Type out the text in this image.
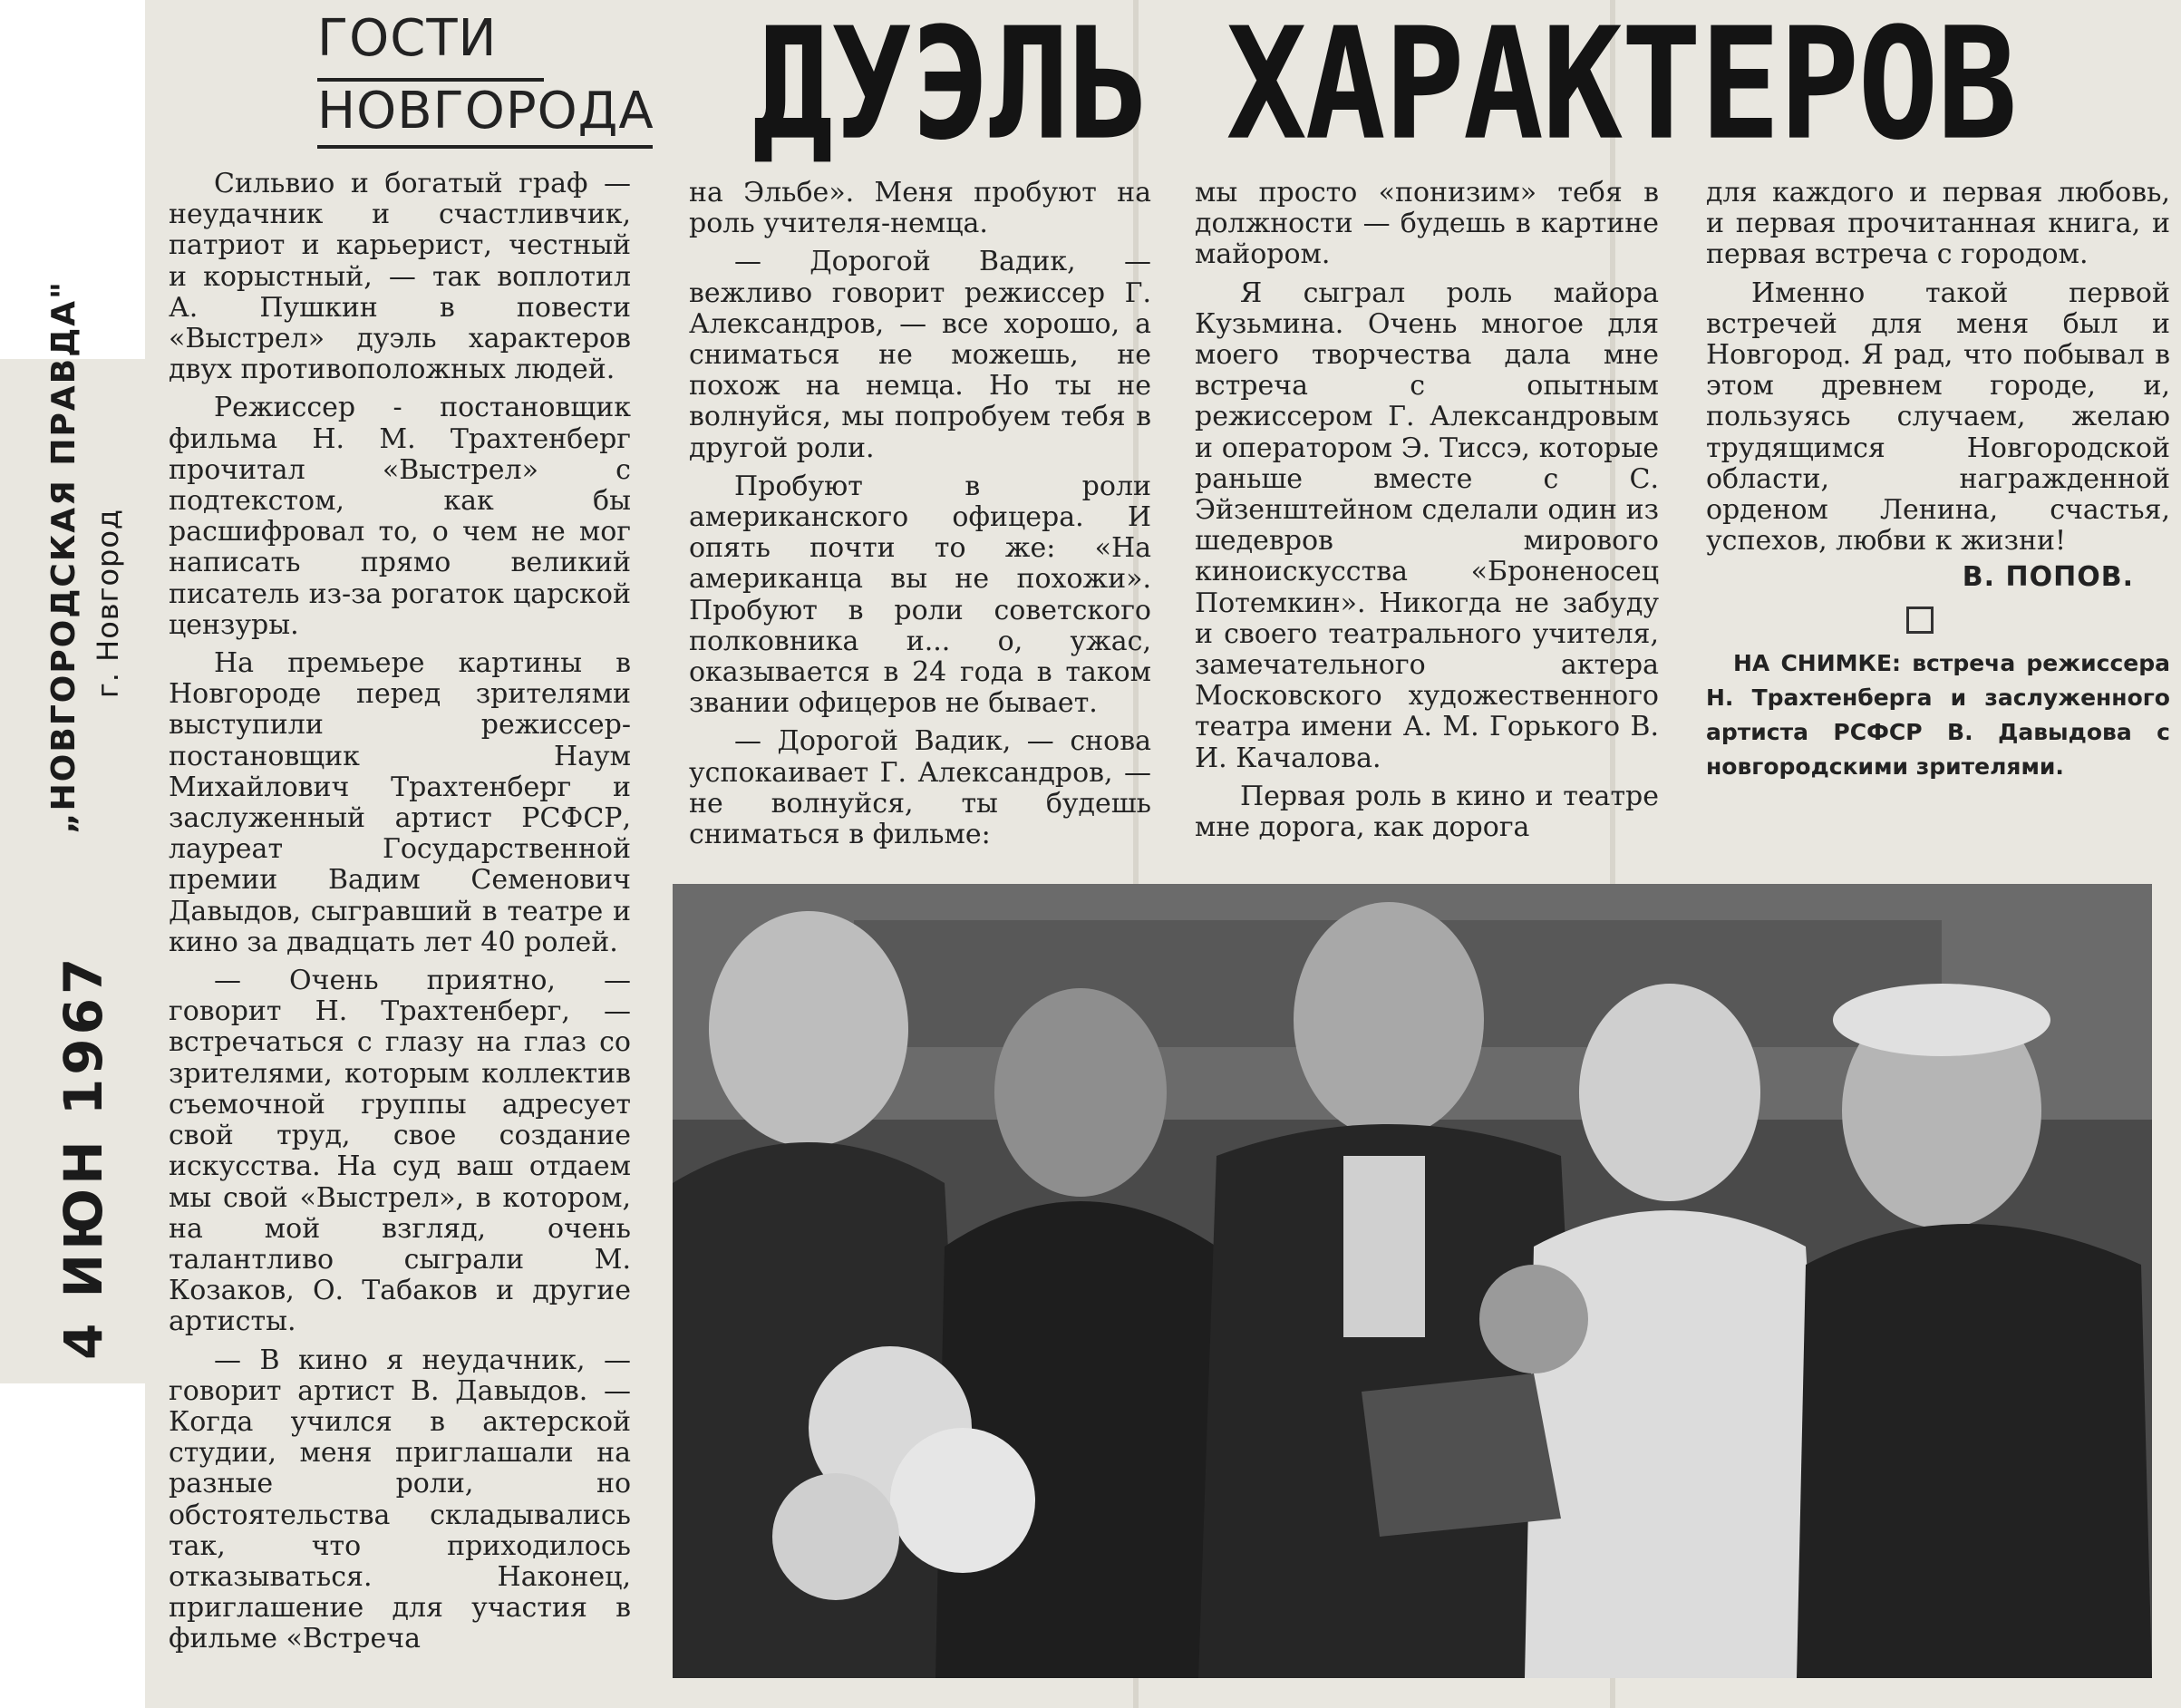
ГОСТИ
НОВГОРОДА ДУЭЛЬ ХАРАКТЕРОВ

Сильвио и богатый граф — неудачник и счастливчик, патриот и карьерист, честный и корыстный, — так воплотил А. Пушкин в повести «Выстрел» дуэль характеров двух противоположных людей.

Режиссер - постановщик фильма Н. М. Трахтенберг прочитал «Выстрел» с подтекстом, как бы расшифровал то, о чем не мог написать прямо великий писатель из-за рогаток царской цензуры.

На премьере картины в Новгороде перед зрителями выступили режиссер-постановщик Наум Михайлович Трахтенберг и заслуженный артист РСФСР, лауреат Государственной премии Вадим Семенович Давыдов, сыгравший в театре и кино за двадцать лет 40 ролей.

— Очень приятно, — говорит Н. Трахтенберг, — встречаться с глазу на глаз со зрителями, которым коллектив съемочной группы адресует свой труд, свое создание искусства. На суд ваш отдаем мы свой «Выстрел», в котором, на мой взгляд, очень талантливо сыграли М. Козаков, О. Табаков и другие артисты.

— В кино я неудачник, — говорит артист В. Давыдов. — Когда учился в актерской студии, меня приглашали на разные роли, но обстоятельства складывались так, что приходилось отказываться. Наконец, приглашение для участия в фильме «Встреча

на Эльбе». Меня пробуют на роль учителя-немца.

— Дорогой Вадик, — вежливо говорит режиссер Г. Александров, — все хорошо, а сниматься не можешь, не похож на немца. Но ты не волнуйся, мы попробуем тебя в другой роли.

Пробуют в роли американского офицера. И опять почти то же: «На американца вы не похожи». Пробуют в роли советского полковника и... о, ужас, оказывается в 24 года в таком звании офицеров не бывает.

— Дорогой Вадик, — снова успокаивает Г. Александров, — не волнуйся, ты будешь сниматься в фильме:

мы просто «понизим» тебя в должности — будешь в картине майором.

Я сыграл роль майора Кузьмина. Очень многое для моего творчества дала мне встреча с опытным режиссером Г. Александровым и оператором Э. Тиссэ, которые раньше вместе с С. Эйзенштейном сделали один из шедевров мирового киноискусства «Броненосец Потемкин». Никогда не забуду и своего театрального учителя, замечательного актера Московского художественного театра имени А. М. Горького В. И. Качалова.

Первая роль в кино и театре мне дорога, как дорога

для каждого и первая любовь, и первая прочитанная книга, и первая встреча с городом.

Именно такой первой встречей для меня был и Новгород. Я рад, что побывал в этом древнем городе, и, пользуясь случаем, желаю трудящимся Новгородской области, награжденной орденом Ленина, счастья, успехов, любви к жизни!

В. ПОПОВ.
НА СНИМКЕ: встреча режиссера Н. Трахтенберга и заслуженного артиста РСФСР В. Давыдова с новгородскими зрителями.
„НОВГОРОДСКАЯ ПРАВДА" г. Новгород
4 ИЮН 1967
